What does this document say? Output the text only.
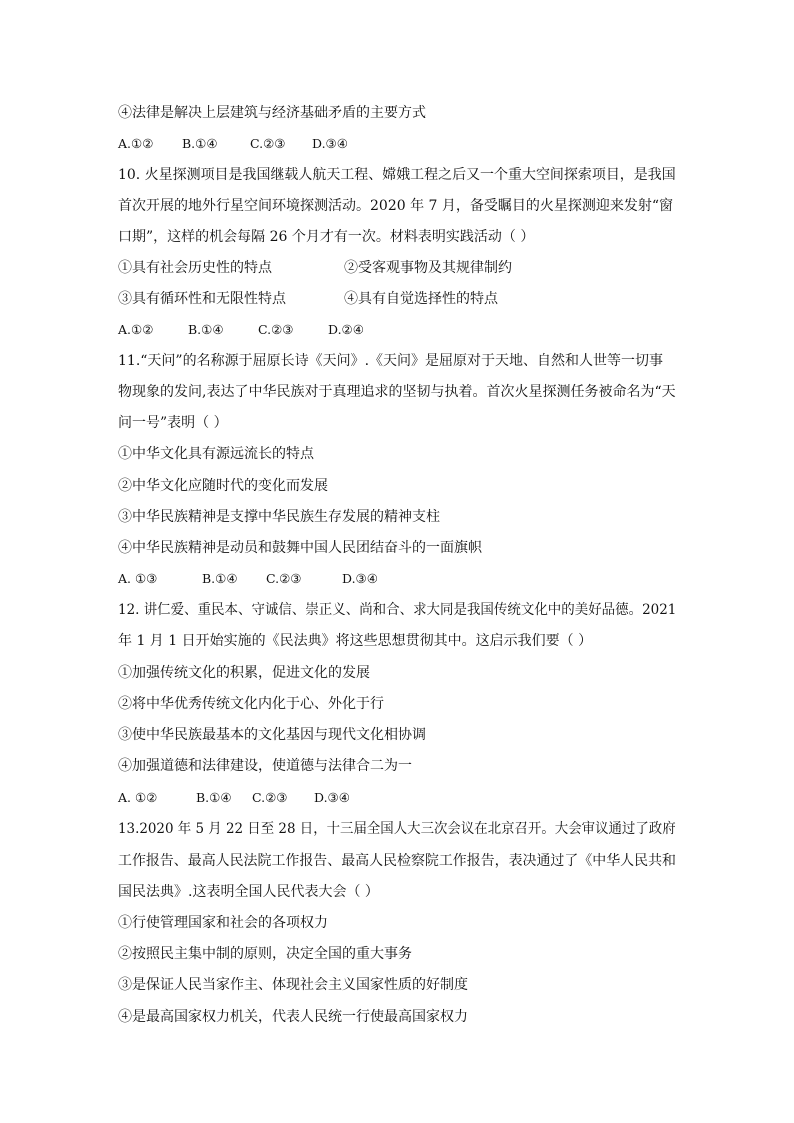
④法律是解决上层建筑与经济基础矛盾的主要方式
A.①② B.①④	C.②③ D.③④
10. 火星探测项目是我国继载人航天工程、嫦娥工程之后又一个重大空间探索项目，是我国
首次开展的地外行星空间环境探测活动。2020 年 7 月，备受瞩目的火星探测迎来发射“窗
口期”，这样的机会每隔 26 个月才有一次。材料表明实践活动（ ）
①具有社会历史性的特点	②受客观事物及其规律制约
③具有循环性和无限性特点	④具有自觉选择性的特点
A.①②	B.①④	C.②③	D.②④
11.“天问”的名称源于屈原长诗《天问》.《天问》是屈原对于天地、自然和人世等一切事
物现象的发问,表达了中华民族对于真理追求的坚韧与执着。首次火星探测任务被命名为“天
问一号”表明（ ）
①中华文化具有源远流长的特点
②中华文化应随时代的变化而发展
③中华民族精神是支撑中华民族生存发展的精神支柱
④中华民族精神是动员和鼓舞中国人民团结奋斗的一面旗帜
A. ①③	B.①④ C.②③	D.③④
12. 讲仁爱、重民本、守诚信、崇正义、尚和合、求大同是我国传统文化中的美好品德。2021
年 1 月 1 日开始实施的《民法典》将这些思想贯彻其中。这启示我们要（ ）
①加强传统文化的积累，促进文化的发展
②将中华优秀传统文化内化于心、外化于行
③使中华民族最基本的文化基因与现代文化相协调
④加强道德和法律建设，使道德与法律合二为一
A. ①②	B.①④ C.②③ D.③④
13.2020 年 5 月 22 日至 28 日，十三届全国人大三次会议在北京召开。大会审议通过了政府
工作报告、最高人民法院工作报告、最高人民检察院工作报告，表决通过了《中华人民共和
国民法典》.这表明全国人民代表大会（ ）
①行使管理国家和社会的各项权力
②按照民主集中制的原则，决定全国的重大事务
③是保证人民当家作主、体现社会主义国家性质的好制度
④是最高国家权力机关，代表人民统一行使最高国家权力
